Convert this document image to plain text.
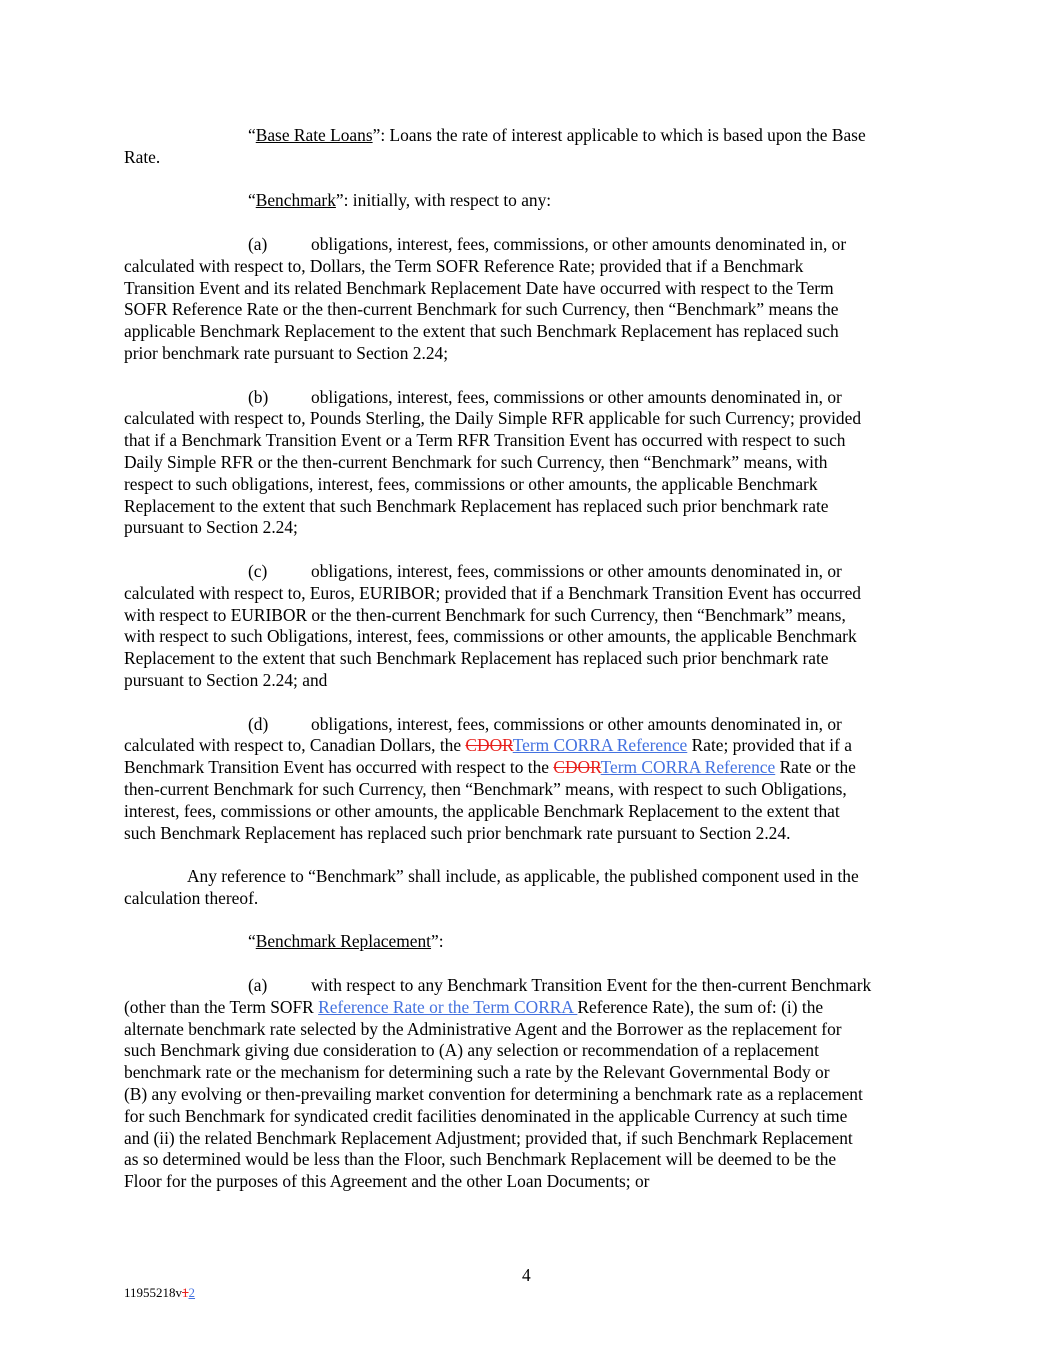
“Base Rate Loans”: Loans the rate of interest applicable to which is based upon the Base
Rate.
“Benchmark”: initially, with respect to any:
(a)	obligations, interest, fees, commissions, or other amounts denominated in, or
calculated with respect to, Dollars, the Term SOFR Reference Rate; provided that if a Benchmark
Transition Event and its related Benchmark Replacement Date have occurred with respect to the Term
SOFR Reference Rate or the then-current Benchmark for such Currency, then “Benchmark” means the
applicable Benchmark Replacement to the extent that such Benchmark Replacement has replaced such
prior benchmark rate pursuant to Section 2.24;
(b) obligations, interest, fees, commissions or other amounts denominated in, or
calculated with respect to, Pounds Sterling, the Daily Simple RFR applicable for such Currency; provided
that if a Benchmark Transition Event or a Term RFR Transition Event has occurred with respect to such
Daily Simple RFR or the then-current Benchmark for such Currency, then “Benchmark” means, with
respect to such obligations, interest, fees, commissions or other amounts, the applicable Benchmark
Replacement to the extent that such Benchmark Replacement has replaced such prior benchmark rate
pursuant to Section 2.24;
(c)	obligations, interest, fees, commissions or other amounts denominated in, or
calculated with respect to, Euros, EURIBOR; provided that if a Benchmark Transition Event has occurred
with respect to EURIBOR or the then-current Benchmark for such Currency, then “Benchmark” means,
with respect to such Obligations, interest, fees, commissions or other amounts, the applicable Benchmark
Replacement to the extent that such Benchmark Replacement has replaced such prior benchmark rate
pursuant to Section 2.24; and
(d) obligations, interest, fees, commissions or other amounts denominated in, or
calculated with respect to, Canadian Dollars, the CDORTerm CORRA Reference Rate; provided that if a
Benchmark Transition Event has occurred with respect to the CDORTerm CORRA Reference Rate or the
then-current Benchmark for such Currency, then “Benchmark” means, with respect to such Obligations,
interest, fees, commissions or other amounts, the applicable Benchmark Replacement to the extent that
such Benchmark Replacement has replaced such prior benchmark rate pursuant to Section 2.24.
Any reference to “Benchmark” shall include, as applicable, the published component used in the
calculation thereof.
“Benchmark Replacement”:
(a)	with respect to any Benchmark Transition Event for the then-current Benchmark
(other than the Term SOFR Reference Rate or the Term CORRA Reference Rate), the sum of: (i) the
alternate benchmark rate selected by the Administrative Agent and the Borrower as the replacement for
such Benchmark giving due consideration to (A) any selection or recommendation of a replacement
benchmark rate or the mechanism for determining such a rate by the Relevant Governmental Body or
(B) any evolving or then-prevailing market convention for determining a benchmark rate as a replacement
for such Benchmark for syndicated credit facilities denominated in the applicable Currency at such time
and (ii) the related Benchmark Replacement Adjustment; provided that, if such Benchmark Replacement
as so determined would be less than the Floor, such Benchmark Replacement will be deemed to be the
Floor for the purposes of this Agreement and the other Loan Documents; or
4
11955218v12
